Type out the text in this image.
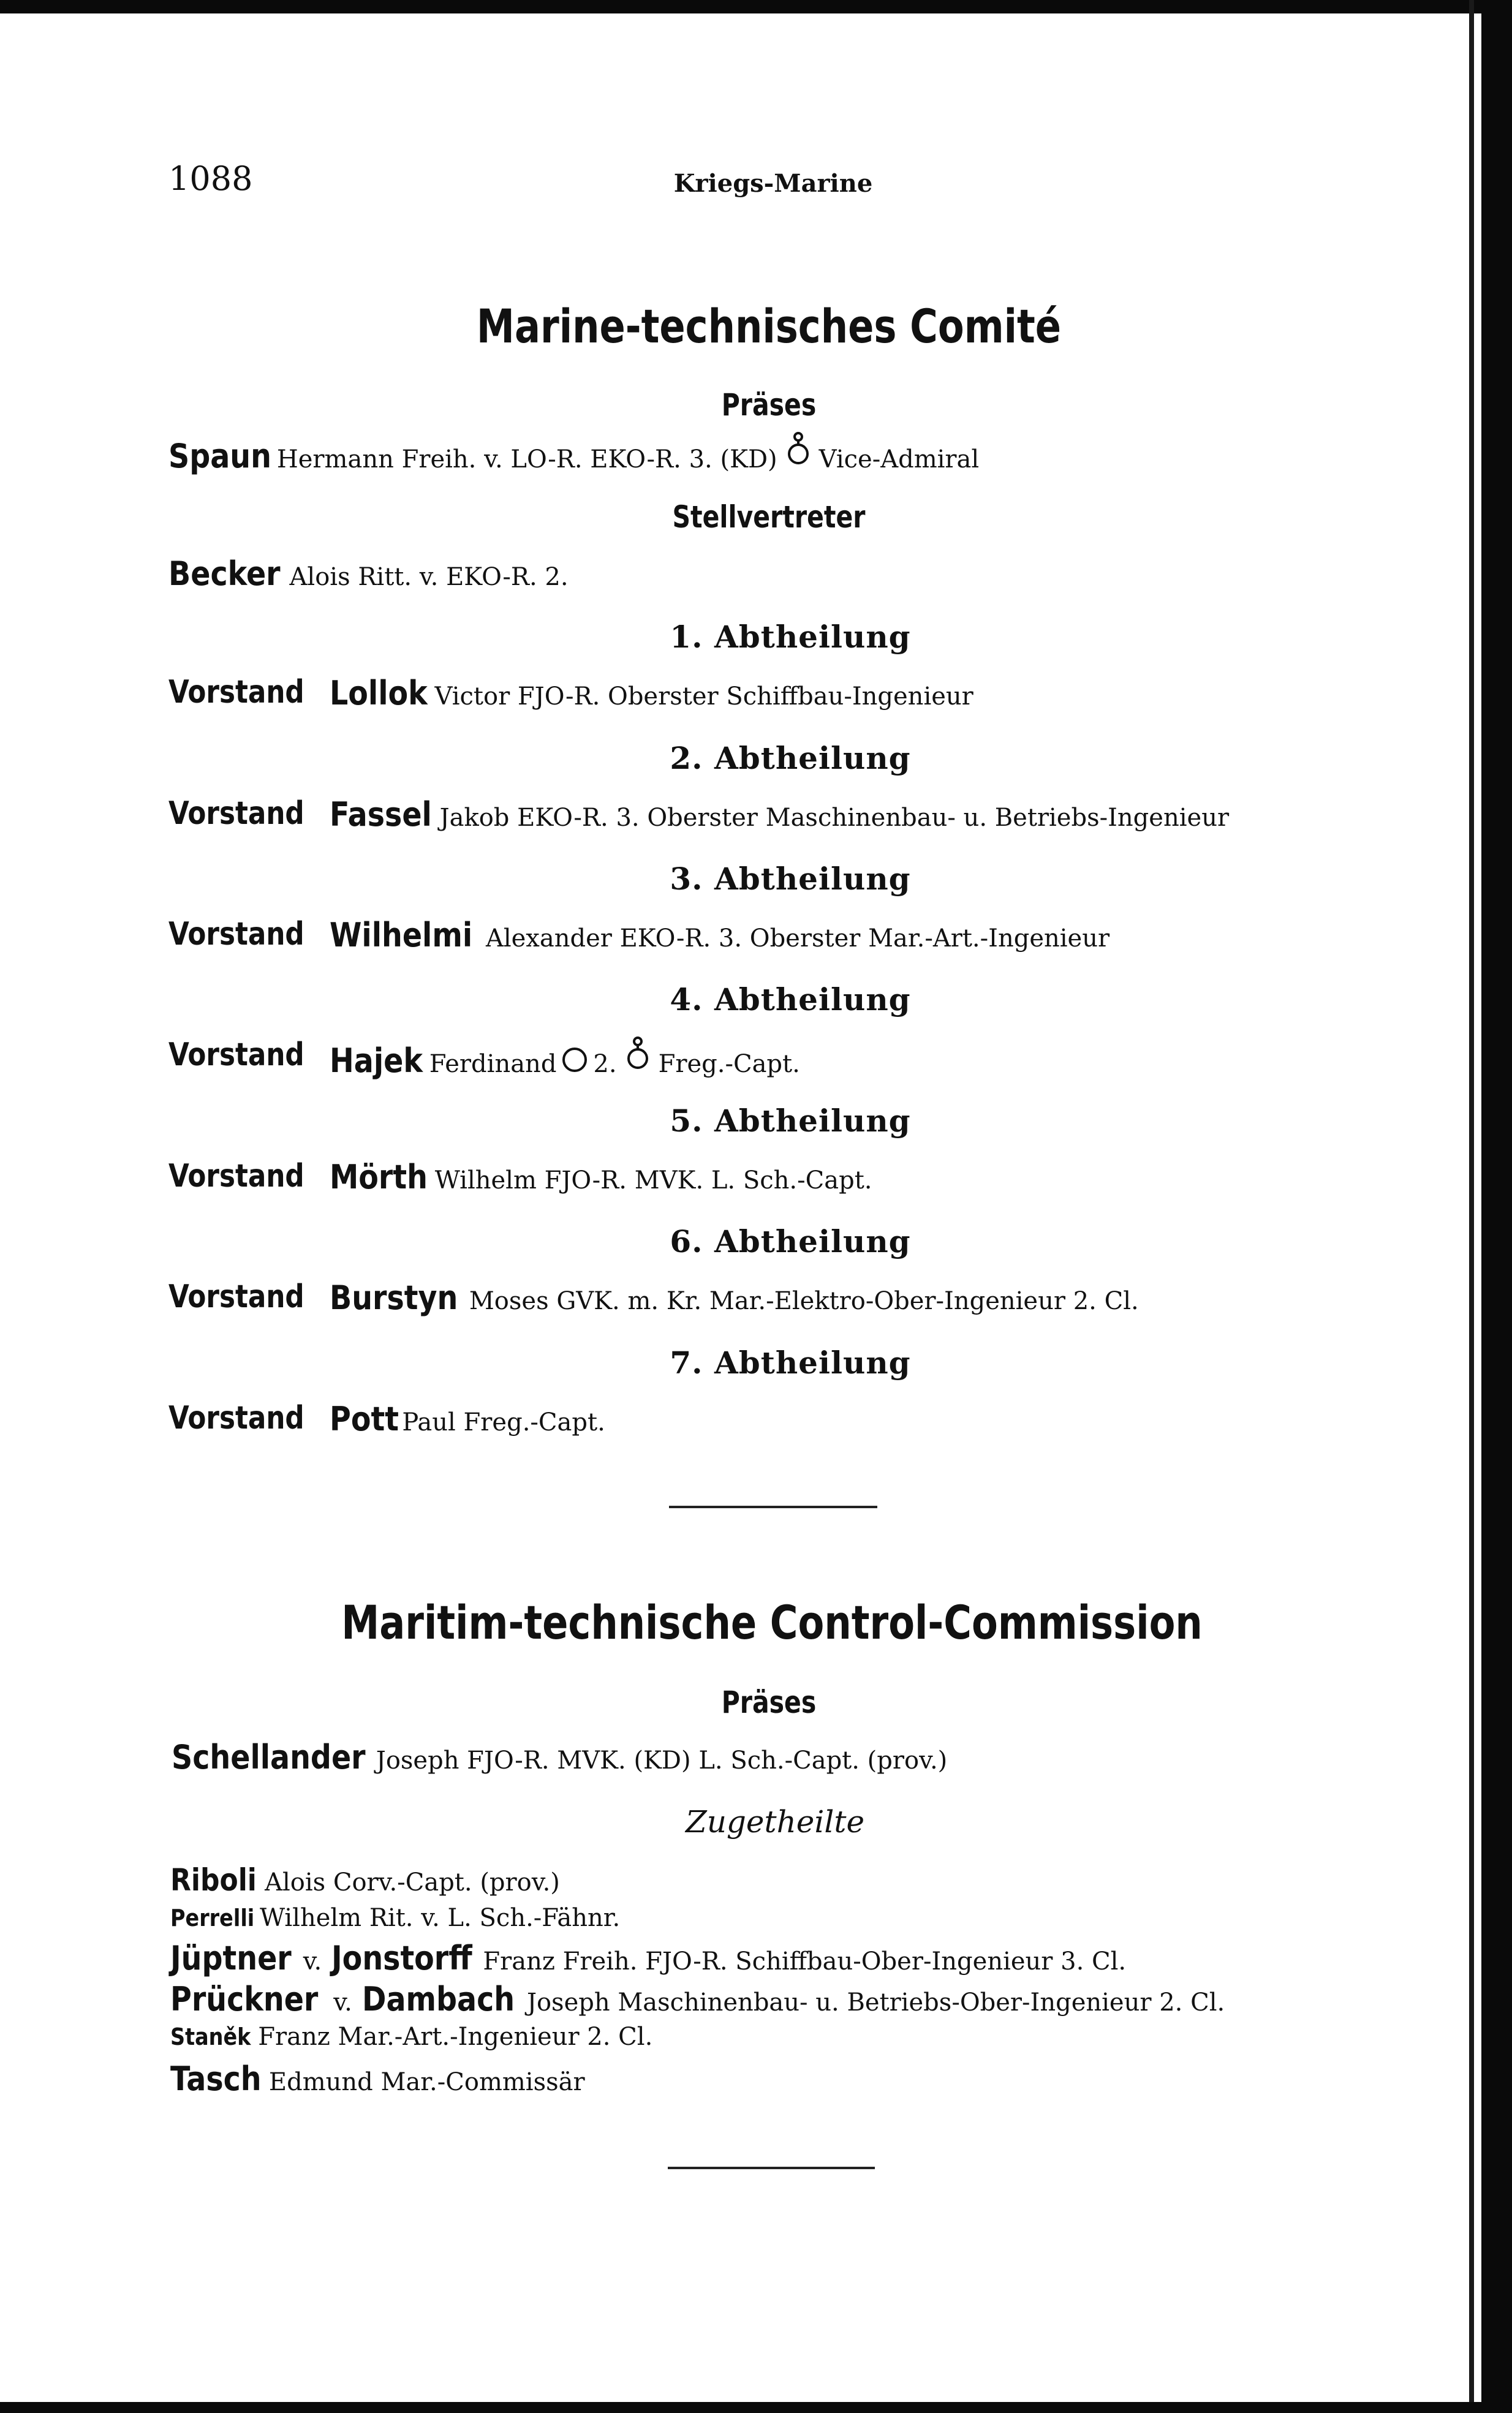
1088	Kriegs-Marine
Marine-technisches Comité
Präses
Spaun Hermann Freih. v. LO-R. EKO-R. 3. (KD) Vice-Admiral
Stellvertreter
Becker Alois Ritt. v. EKO-R. 2.
1. Abtheilung
Vorstand Lollok Victor FJO-R. Oberster Schiffbau-Ingenieur
2. Abtheilung
Vorstand Fassel Jakob EKO-R. 3. Oberster Maschinenbau- u. Betriebs-Ingenieur
3. Abtheilung
Vorstand Wilhelmi Alexander EKO-R. 3. Oberster Mar.-Art.-Ingenieur
4. Abtheilung
Vorstand Hajek Ferdinand 2. Freg.-Capt.
5. Abtheilung
Vorstand Mörth Wilhelm FJO-R. MVK. L. Sch.-Capt.
6. Abtheilung
Vorstand Burstyn Moses GVK. m. Kr. Mar.-Elektro-Ober-Ingenieur 2. Cl.
7. Abtheilung
Vorstand Pott Paul Freg.-Capt.
Maritim-technische Control-Commission
Präses
Schellander Joseph FJO-R. MVK. (KD) L. Sch.-Capt. (prov.)
Zugetheilte
Riboli Alois Corv.-Capt. (prov.)
Perrelli Wilhelm Rit. v. L. Sch.-Fähnr.
Jüptner v. Jonstorff Franz Freih. FJO-R. Schiffbau-Ober-Ingenieur 3. Cl.
Prückner v. Dambach Joseph Maschinenbau- u. Betriebs-Ober-Ingenieur 2. Cl.
Staněk Franz Mar.-Art.-Ingenieur 2. Cl.
Tasch Edmund Mar.-Commissär
